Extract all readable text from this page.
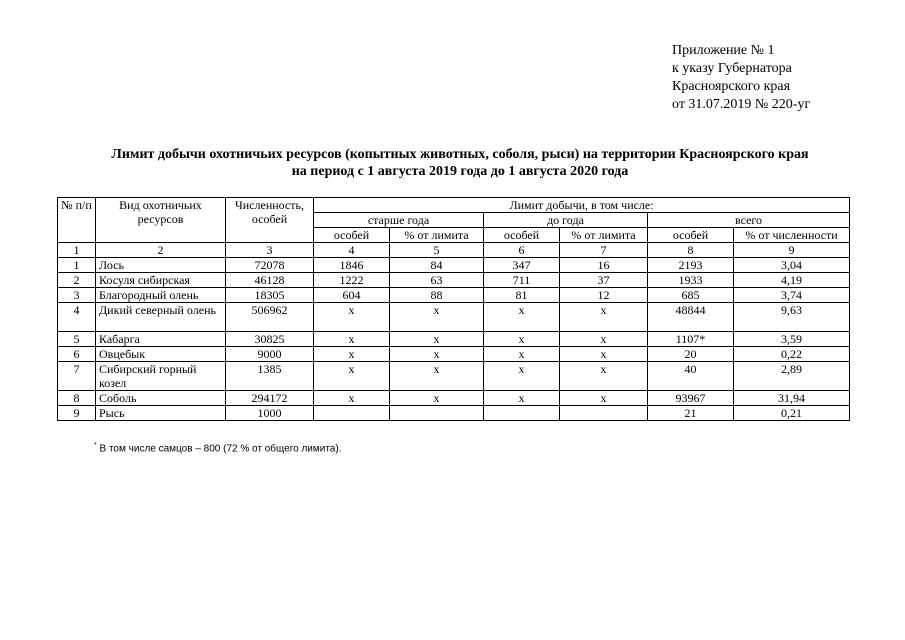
Приложение № 1
к указу Губернатора
Красноярского края
от 31.07.2019 № 220-уг
Лимит добычи охотничьих ресурсов (копытных животных, соболя, рыси) на территории Красноярского края
на период с 1 августа 2019 года до 1 августа 2020 года
№ п/п	Вид охотничьих ресурсов	Численность, особей	Лимит добычи, в том числе:					
			старше года		до года		всего	
			особей	% от лимита	особей	% от лимита	особей	% от численности
1	2	3	4	5	6	7	8	9
1	Лось	72078	1846	84	347	16	2193	3,04
2	Косуля сибирская	46128	1222	63	711	37	1933	4,19
3	Благородный олень	18305	604	88	81	12	685	3,74
4	Дикий северный олень	506962	х	х	х	х	48844	9,63
5	Кабарга	30825	х	х	х	х	1107*	3,59
6	Овцебык	9000	х	х	х	х	20	0,22
7	Сибирский горный козел	1385	х	х	х	х	40	2,89
8	Соболь	294172	х	х	х	х	93967	31,94
9	Рысь	1000					21	0,21
* В том числе самцов – 800 (72 % от общего лимита).
